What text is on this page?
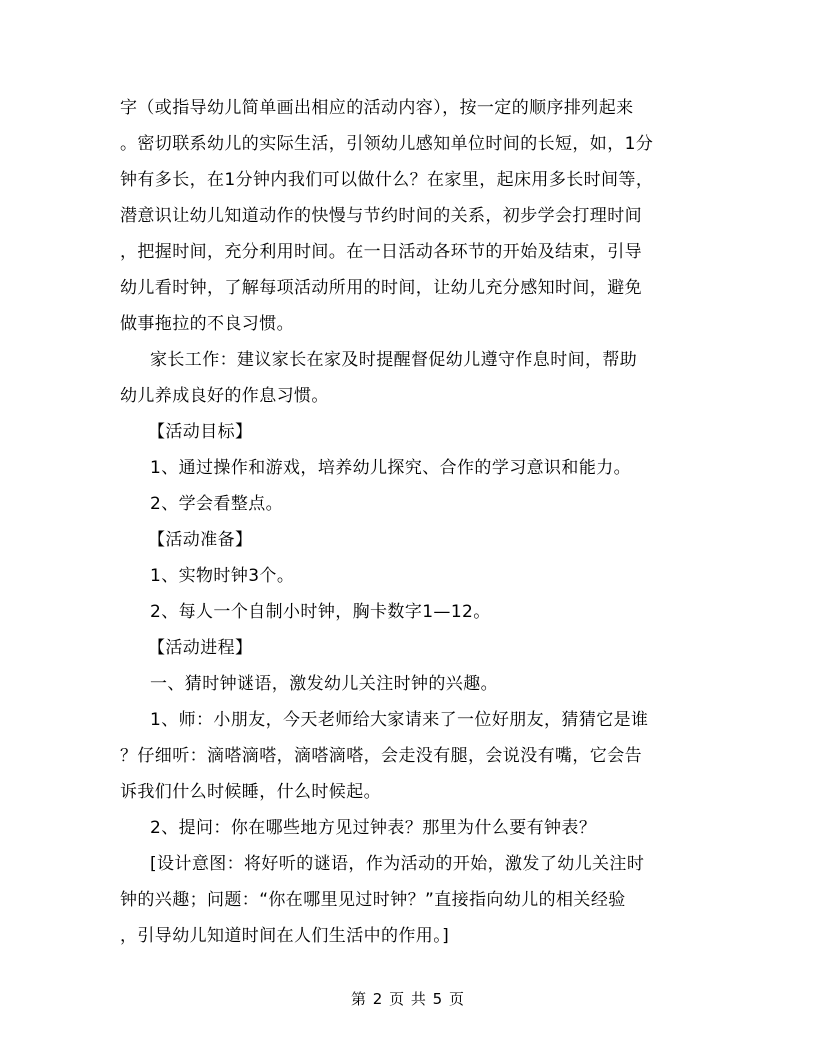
字（或指导幼儿简单画出相应的活动内容），按一定的顺序排列起来
。密切联系幼儿的实际生活，引领幼儿感知单位时间的长短，如，1分
钟有多长，在1分钟内我们可以做什么？在家里，起床用多长时间等，
潜意识让幼儿知道动作的快慢与节约时间的关系，初步学会打理时间
，把握时间，充分利用时间。在一日活动各环节的开始及结束，引导
幼儿看时钟，了解每项活动所用的时间，让幼儿充分感知时间，避免
做事拖拉的不良习惯。
家长工作：建议家长在家及时提醒督促幼儿遵守作息时间，帮助
幼儿养成良好的作息习惯。
【活动目标】
1、通过操作和游戏，培养幼儿探究、合作的学习意识和能力。
2、学会看整点。
【活动准备】
1、实物时钟3个。
2、每人一个自制小时钟，胸卡数字1—12。
【活动进程】
一、猜时钟谜语，激发幼儿关注时钟的兴趣。
1、师：小朋友，今天老师给大家请来了一位好朋友，猜猜它是谁
？仔细听：滴嗒滴嗒，滴嗒滴嗒，会走没有腿，会说没有嘴，它会告
诉我们什么时候睡，什么时候起。
2、提问：你在哪些地方见过钟表？那里为什么要有钟表？
[设计意图：将好听的谜语，作为活动的开始，激发了幼儿关注时
钟的兴趣；问题：“你在哪里见过时钟？”直接指向幼儿的相关经验
，引导幼儿知道时间在人们生活中的作用。]
第 2 页 共 5 页
